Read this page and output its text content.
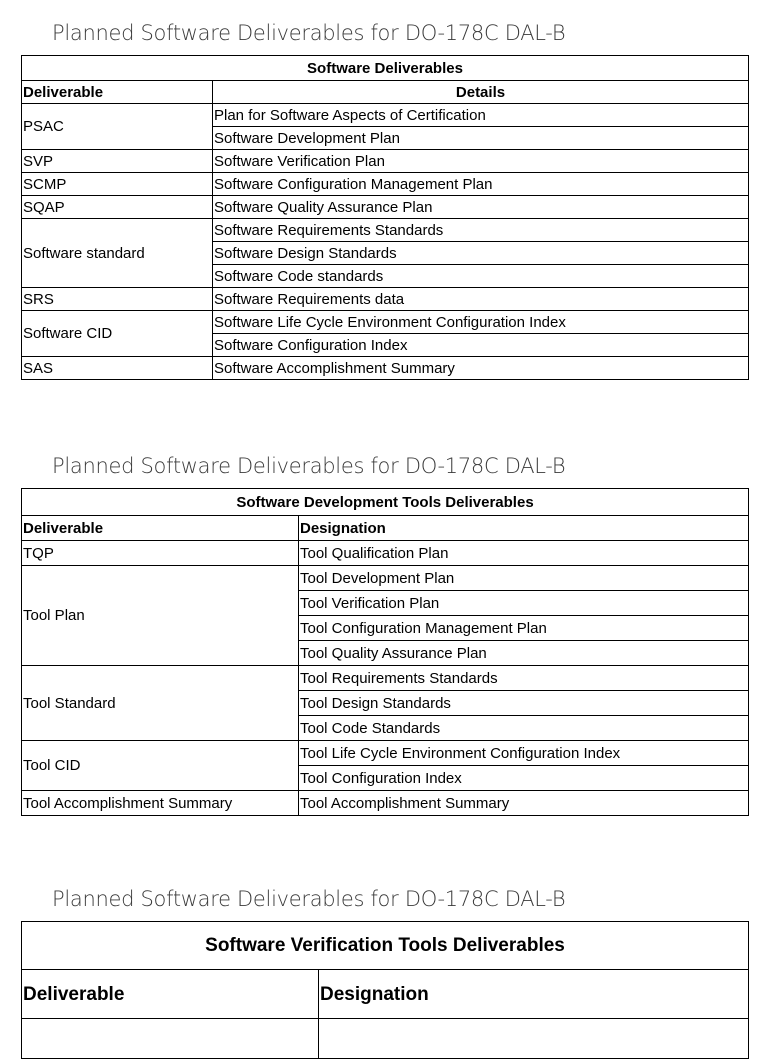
Planned Software Deliverables for DO-178C DAL-B
Software Deliverables	
Deliverable	Details
PSAC	Plan for Software Aspects of Certification
	Software Development Plan
SVP	Software Verification Plan
SCMP	Software Configuration Management Plan
SQAP	Software Quality Assurance Plan
Software standard	Software Requirements Standards
	Software Design Standards
	Software Code standards
SRS	Software Requirements data
Software CID	Software Life Cycle Environment Configuration Index
	Software Configuration Index
SAS	Software Accomplishment Summary
Planned Software Deliverables for DO-178C DAL-B
Software Development Tools Deliverables	
Deliverable	Designation
TQP	Tool Qualification Plan
Tool Plan	Tool Development Plan
	Tool Verification Plan
	Tool Configuration Management Plan
	Tool Quality Assurance Plan
Tool Standard	Tool Requirements Standards
	Tool Design Standards
	Tool Code Standards
Tool CID	Tool Life Cycle Environment Configuration Index
	Tool Configuration Index
Tool Accomplishment Summary	Tool Accomplishment Summary
Planned Software Deliverables for DO-178C DAL-B
Software Verification Tools Deliverables	
Deliverable	Designation
